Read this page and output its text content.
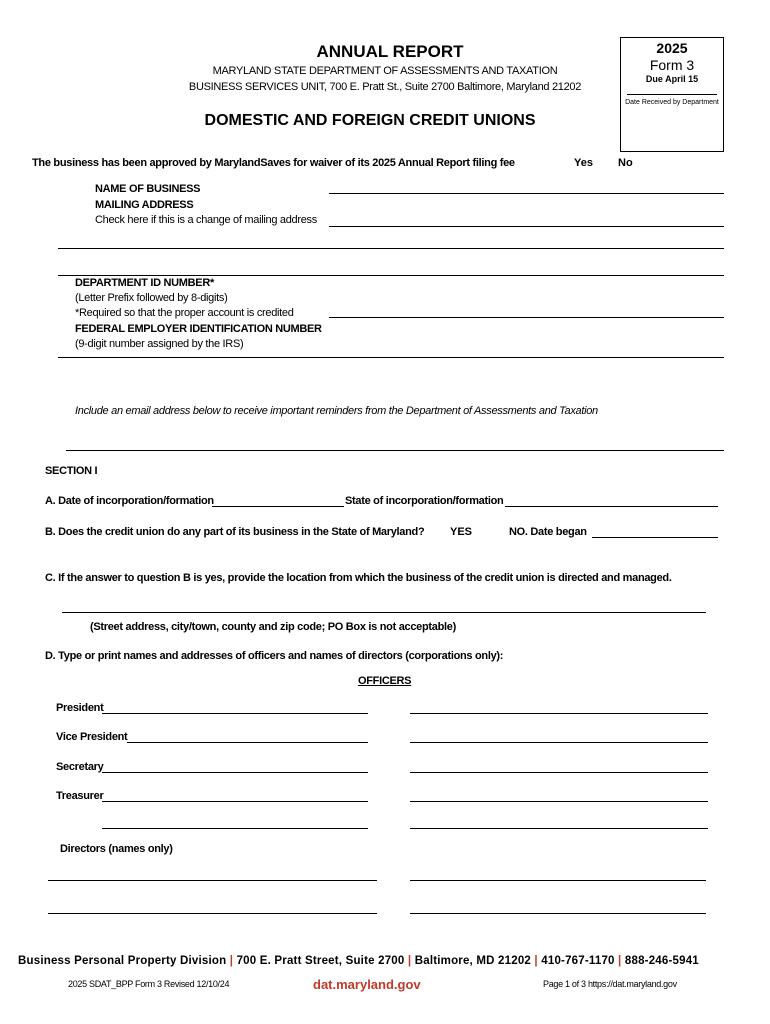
ANNUAL REPORT
MARYLAND STATE DEPARTMENT OF ASSESSMENTS AND TAXATION
BUSINESS SERVICES UNIT, 700 E. Pratt St., Suite 2700 Baltimore, Maryland 21202
DOMESTIC AND FOREIGN CREDIT UNIONS
2025
Form 3
Due April 15
Date Received by Department
The business has been approved by MarylandSaves for waiver of its 2025 Annual Report filing fee	Yes No
NAME OF BUSINESS
MAILING ADDRESS
Check here if this is a change of mailing address
DEPARTMENT ID NUMBER*
(Letter Prefix followed by 8-digits)
*Required so that the proper account is credited
FEDERAL EMPLOYER IDENTIFICATION NUMBER
(9-digit number assigned by the IRS)
Include an email address below to receive important reminders from the Department of Assessments and Taxation
SECTION I
A. Date of incorporation/formation	State of incorporation/formation
B. Does the credit union do any part of its business in the State of Maryland? YES	NO. Date began
C. If the answer to question B is yes, provide the location from which the business of the credit union is directed and managed.
(Street address, city/town, county and zip code; PO Box is not acceptable)
D. Type or print names and addresses of officers and names of directors (corporations only):
OFFICERS
President
Vice President
Secretary
Treasurer
Directors (names only)
Business Personal Property Division | 700 E. Pratt Street, Suite 2700 | Baltimore, MD 21202 | 410-767-1170 | 888-246-5941
2025 SDAT_BPP Form 3 Revised 12/10/24	dat.maryland.gov	Page 1 of 3 https://dat.maryland.gov
